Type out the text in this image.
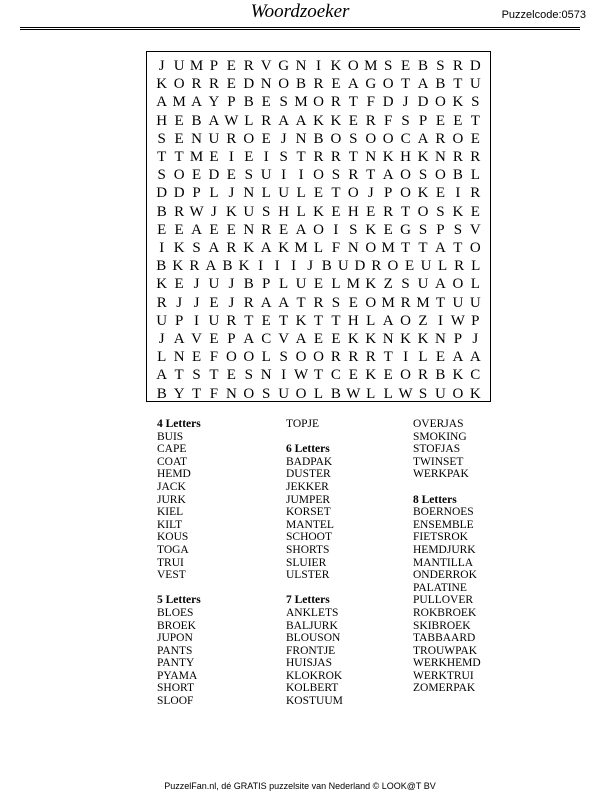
Woordzoeker	Puzzelcode:0573
J U M P E R V G N I K O M S E B S R D
K O R R E D N O B R E A G O T A B T U
A M A Y P B E S M O R T F D J D O K S
H E B A W L R A A K K E R F S P E E T
S E N U R O E J N B O S O O C A R O E
T T M E I E I S T R R T N K H K N R R
S O E D E S U I I O S R T A O S O B L
D D P L J N L U L E T O J P O K E I R
B R W J K U S H L K E H E R T O S K E
E E A E E N R E A O I S K E G S P S V
I K S A R K A K M L F N O M T T A T O
B K R A B K I I I J B U D R O E U L R L
K E J U J B P L U E L M K Z S U A O L
R J J E J R A A T R S E O M R M T U U
U P I U R T E T K T T H L A O Z I W P
J A V E P A C V A E E K K N K K N P J
L N E F O O L S O O R R R T I L E A A
A T S T E S N I W T C E K E O R B K C
B Y T F N O S U O L B W L L W S U O K
4 Letters
BUIS
CAPE
COAT
HEMD
JACK
JURK
KIEL
KILT
KOUS
TOGA
TRUI
VEST
5 Letters
BLOES
BROEK
JUPON
PANTS
PANTY
PYAMA
SHORT
SLOOF
TOPJE
6 Letters
BADPAK
DUSTER
JEKKER
JUMPER
KORSET
MANTEL
SCHOOT
SHORTS
SLUIER
ULSTER
7 Letters
ANKLETS
BALJURK
BLOUSON
FRONTJE
HUISJAS
KLOKROK
KOLBERT
KOSTUUM
OVERJAS
SMOKING
STOFJAS
TWINSET
WERKPAK
8 Letters
BOERNOES
ENSEMBLE
FIETSROK
HEMDJURK
MANTILLA
ONDERROK
PALATINE
PULLOVER
ROKBROEK
SKIBROEK
TABBAARD
TROUWPAK
WERKHEMD
WERKTRUI
ZOMERPAK
PuzzelFan.nl, dé GRATIS puzzelsite van Nederland © LOOK@T BV
